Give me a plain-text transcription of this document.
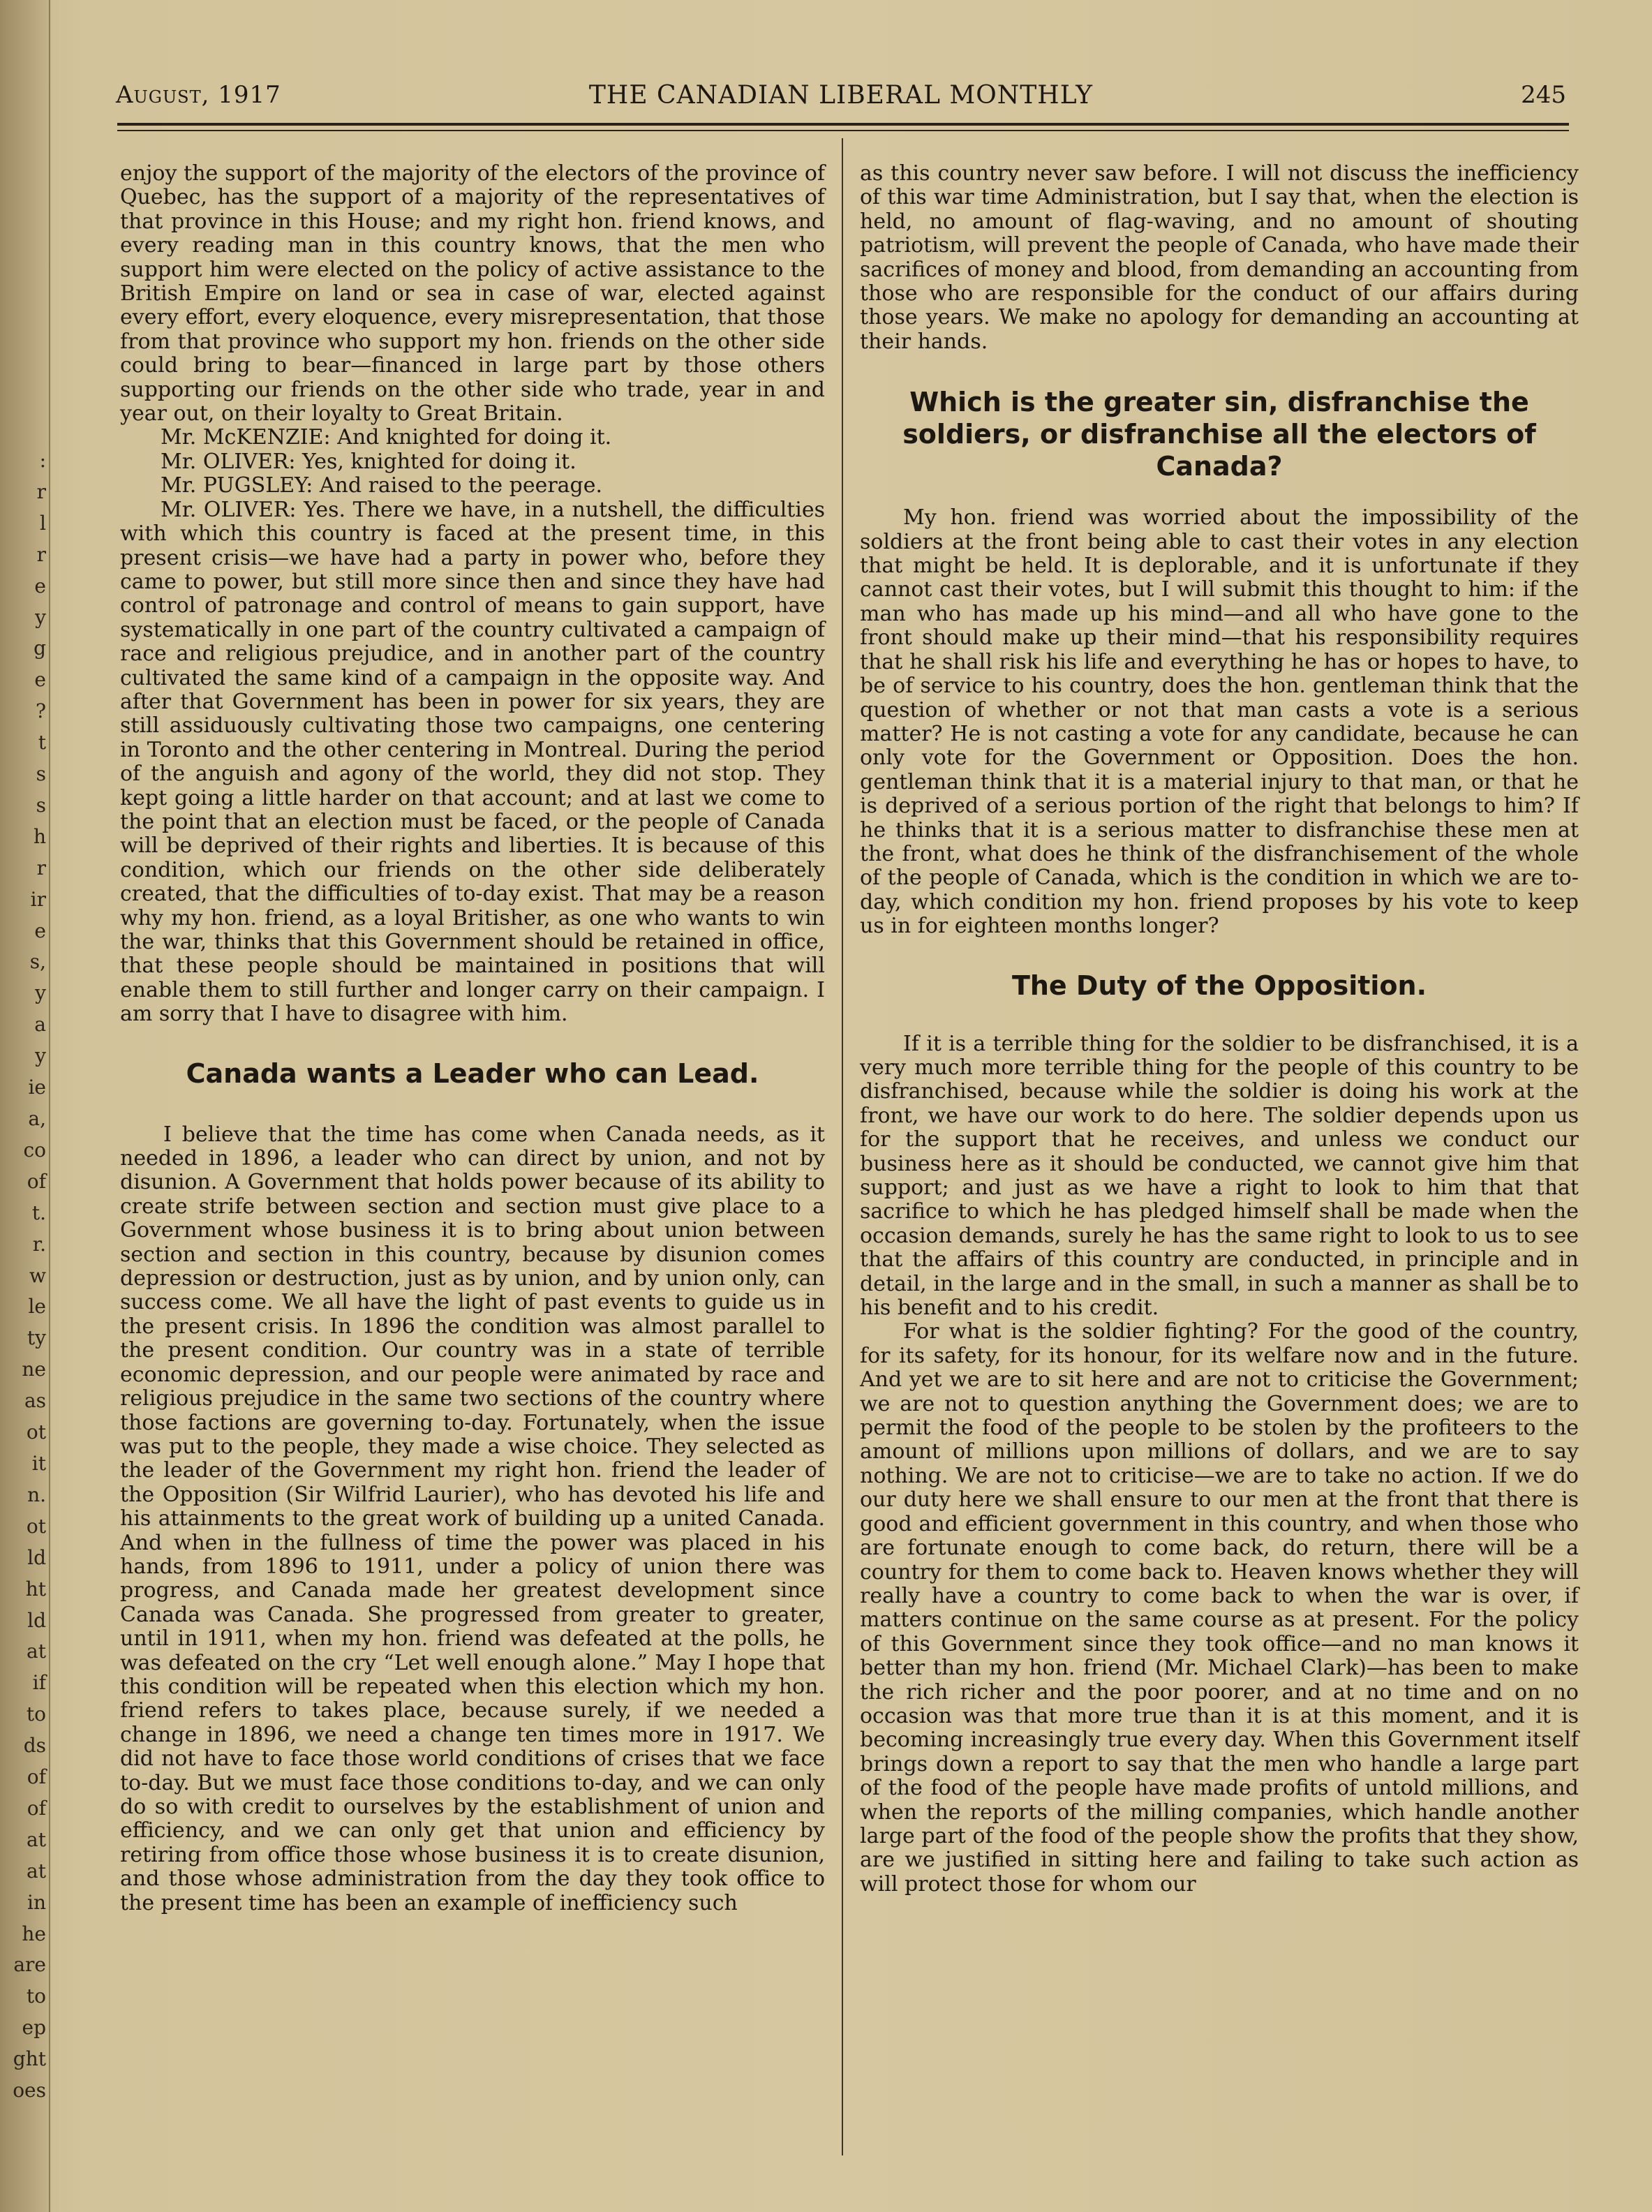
:
r
l
r
e
y
g
e
?
t
s
s
h
r
ir
e
s,
y
a
y
ie
a,
co
of
t.
r.
w
le
ty
ne
as
ot
it
n.
ot
ld
ht
ld
at
if
to
ds
of
of
at
at
in
he
are
to
ep
ght
oes
August, 1917	THE CANADIAN LIBERAL MONTHLY	245

enjoy the support of the majority of the electors of the province of Quebec, has the support of a majority of the representatives of that province in this House; and my right hon. friend knows, and every reading man in this country knows, that the men who support him were elected on the policy of active assistance to the British Empire on land or sea in case of war, elected against every effort, every eloquence, every misrepresentation, that those from that province who support my hon. friends on the other side could bring to bear—financed in large part by those others supporting our friends on the other side who trade, year in and year out, on their loyalty to Great Britain.

Mr. McKENZIE: And knighted for doing it.

Mr. OLIVER: Yes, knighted for doing it.

Mr. PUGSLEY: And raised to the peerage.

Mr. OLIVER: Yes. There we have, in a nutshell, the difficulties with which this country is faced at the present time, in this present crisis—we have had a party in power who, before they came to power, but still more since then and since they have had control of patronage and control of means to gain support, have systematically in one part of the country cultivated a campaign of race and religious prejudice, and in another part of the country cultivated the same kind of a campaign in the opposite way. And after that Government has been in power for six years, they are still assiduously cultivating those two campaigns, one centering in Toronto and the other centering in Montreal. During the period of the anguish and agony of the world, they did not stop. They kept going a little harder on that account; and at last we come to the point that an election must be faced, or the people of Canada will be deprived of their rights and liberties. It is because of this condition, which our friends on the other side deliberately created, that the difficulties of to-day exist. That may be a reason why my hon. friend, as a loyal Britisher, as one who wants to win the war, thinks that this Government should be retained in office, that these people should be maintained in positions that will enable them to still further and longer carry on their campaign. I am sorry that I have to disagree with him.

Canada wants a Leader who can Lead.

I believe that the time has come when Canada needs, as it needed in 1896, a leader who can direct by union, and not by disunion. A Government that holds power because of its ability to create strife between section and section must give place to a Government whose business it is to bring about union between section and section in this country, because by disunion comes depression or destruction, just as by union, and by union only, can success come. We all have the light of past events to guide us in the present crisis. In 1896 the condition was almost parallel to the present condition. Our country was in a state of terrible economic depression, and our people were animated by race and religious prejudice in the same two sections of the country where those factions are governing to-day. Fortunately, when the issue was put to the people, they made a wise choice. They selected as the leader of the Government my right hon. friend the leader of the Opposition (Sir Wilfrid Laurier), who has devoted his life and his attainments to the great work of building up a united Canada. And when in the fullness of time the power was placed in his hands, from 1896 to 1911, under a policy of union there was progress, and Canada made her greatest development since Canada was Canada. She progressed from greater to greater, until in 1911, when my hon. friend was defeated at the polls, he was defeated on the cry “Let well enough alone.” May I hope that this condition will be repeated when this election which my hon. friend refers to takes place, because surely, if we needed a change in 1896, we need a change ten times more in 1917. We did not have to face those world conditions of crises that we face to-day. But we must face those conditions to-day, and we can only do so with credit to ourselves by the establishment of union and efficiency, and we can only get that union and efficiency by retiring from office those whose business it is to create disunion, and those whose administration from the day they took office to the present time has been an example of inefficiency such

as this country never saw before. I will not discuss the inefficiency of this war time Administration, but I say that, when the election is held, no amount of flag-waving, and no amount of shouting patriotism, will prevent the people of Canada, who have made their sacrifices of money and blood, from demanding an accounting from those who are responsible for the conduct of our affairs during those years. We make no apology for demanding an accounting at their hands.

Which is the greater sin, disfranchise the soldiers, or disfranchise all the electors of Canada?

My hon. friend was worried about the impossibility of the soldiers at the front being able to cast their votes in any election that might be held. It is deplorable, and it is unfortunate if they cannot cast their votes, but I will submit this thought to him: if the man who has made up his mind—and all who have gone to the front should make up their mind—that his responsibility requires that he shall risk his life and everything he has or hopes to have, to be of service to his country, does the hon. gentleman think that the question of whether or not that man casts a vote is a serious matter? He is not casting a vote for any candidate, because he can only vote for the Government or Opposition. Does the hon. gentleman think that it is a material injury to that man, or that he is deprived of a serious portion of the right that belongs to him? If he thinks that it is a serious matter to disfranchise these men at the front, what does he think of the disfranchisement of the whole of the people of Canada, which is the condition in which we are to-day, which condition my hon. friend proposes by his vote to keep us in for eighteen months longer?

The Duty of the Opposition.

If it is a terrible thing for the soldier to be disfranchised, it is a very much more terrible thing for the people of this country to be disfranchised, because while the soldier is doing his work at the front, we have our work to do here. The soldier depends upon us for the support that he receives, and unless we conduct our business here as it should be conducted, we cannot give him that support; and just as we have a right to look to him that that sacrifice to which he has pledged himself shall be made when the occasion demands, surely he has the same right to look to us to see that the affairs of this country are conducted, in principle and in detail, in the large and in the small, in such a manner as shall be to his benefit and to his credit.

For what is the soldier fighting? For the good of the country, for its safety, for its honour, for its welfare now and in the future. And yet we are to sit here and are not to criticise the Government; we are not to question anything the Government does; we are to permit the food of the people to be stolen by the profiteers to the amount of millions upon millions of dollars, and we are to say nothing. We are not to criticise—we are to take no action. If we do our duty here we shall ensure to our men at the front that there is good and efficient government in this country, and when those who are fortunate enough to come back, do return, there will be a country for them to come back to. Heaven knows whether they will really have a country to come back to when the war is over, if matters continue on the same course as at present. For the policy of this Government since they took office—and no man knows it better than my hon. friend (Mr. Michael Clark)—has been to make the rich richer and the poor poorer, and at no time and on no occasion was that more true than it is at this moment, and it is becoming increasingly true every day. When this Government itself brings down a report to say that the men who handle a large part of the food of the people have made profits of untold millions, and when the reports of the milling companies, which handle another large part of the food of the people show the profits that they show, are we justified in sitting here and failing to take such action as will protect those for whom our
